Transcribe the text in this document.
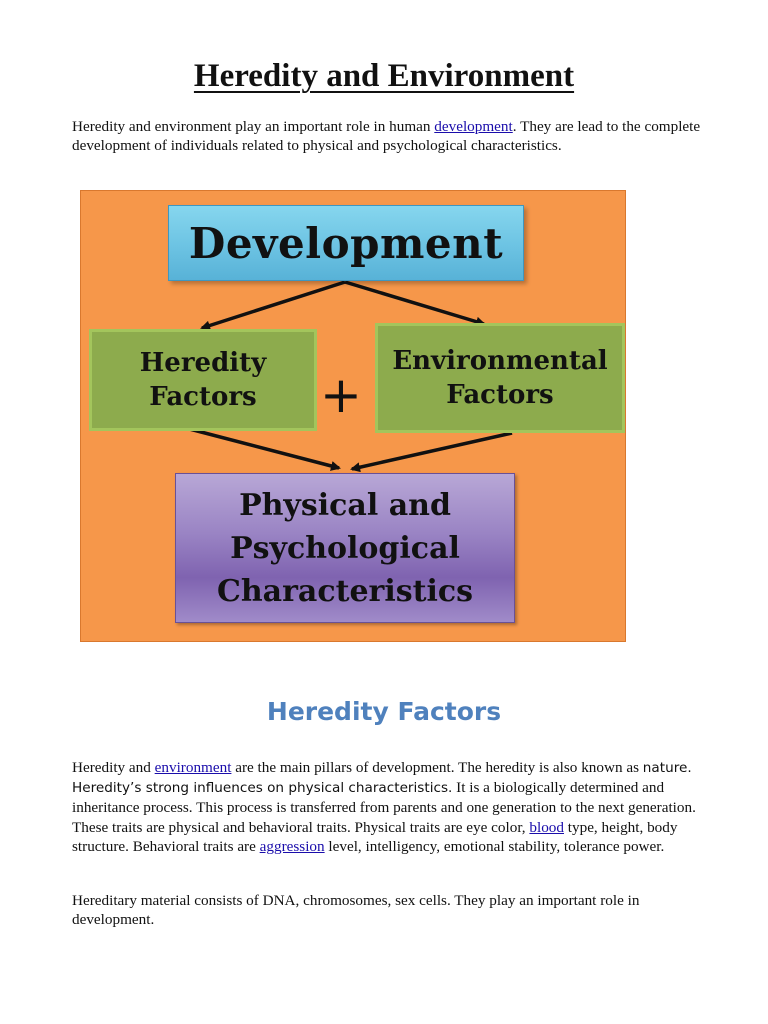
Heredity and Environment
Heredity and environment play an important role in human development. They are lead to the complete development of individuals related to physical and psychological characteristics.
Development
Heredity
Factors +
Environmental
Factors
Physical and
Psychological
Characteristics
Heredity Factors
Heredity and environment are the main pillars of development. The heredity is also known as nature. Heredity’s strong influences on physical characteristics. It is a biologically determined and inheritance process. This process is transferred from parents and one generation to the next generation. These traits are physical and behavioral traits. Physical traits are eye color, blood type, height, body structure. Behavioral traits are aggression level, intelligency, emotional stability, tolerance power.
Hereditary material consists of DNA, chromosomes, sex cells. They play an important role in development.
